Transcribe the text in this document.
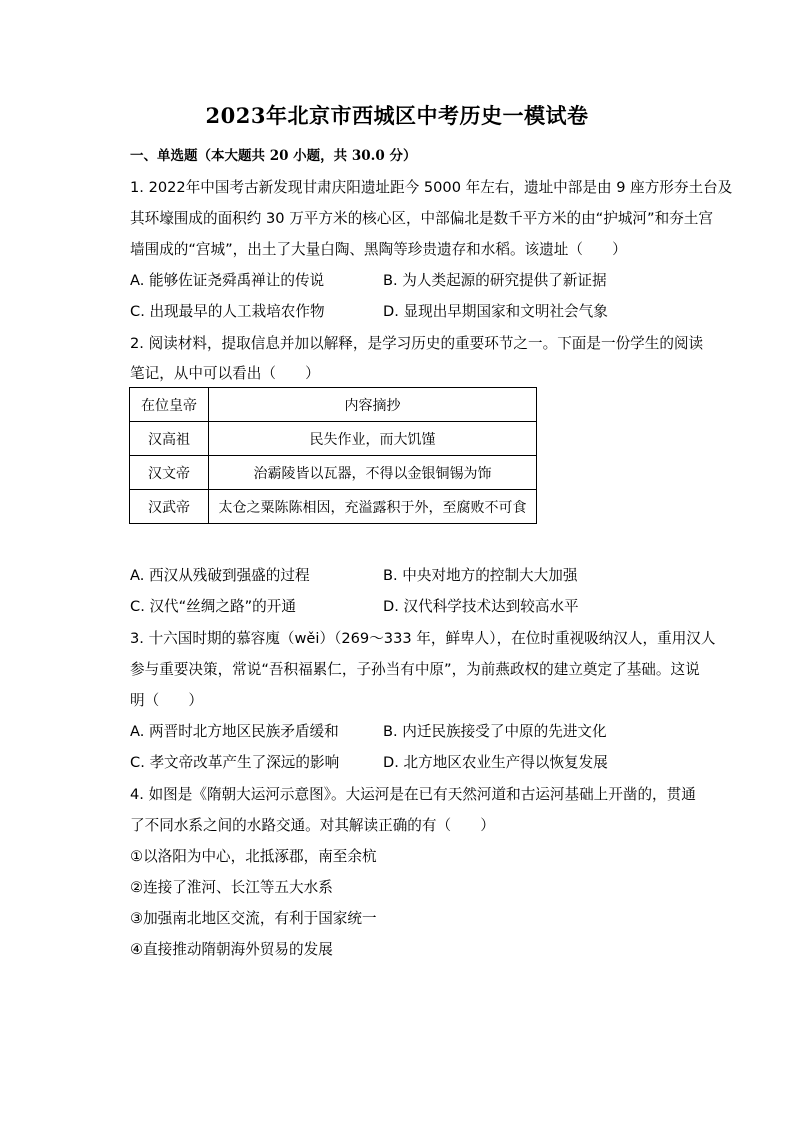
2023年北京市西城区中考历史一模试卷
一、单选题（本大题共 20 小题，共 30.0 分）
1. 2022年中国考古新发现甘肃庆阳遗址距今 5000 年左右，遗址中部是由 9 座方形夯土台及
其环壕围成的面积约 30 万平方米的核心区，中部偏北是数千平方米的由“护城河”和夯土宫
墙围成的“宫城”，出土了大量白陶、黑陶等珍贵遗存和水稻。该遗址（　　）
A. 能够佐证尧舜禹禅让的传说	B. 为人类起源的研究提供了新证据
C. 出现最早的人工栽培农作物	D. 显现出早期国家和文明社会气象
2. 阅读材料，提取信息并加以解释，是学习历史的重要环节之一。下面是一份学生的阅读
笔记，从中可以看出（　　）
在位皇帝	内容摘抄
汉高祖	民失作业，而大饥馑
汉文帝	治霸陵皆以瓦器，不得以金银铜锡为饰
汉武帝	太仓之粟陈陈相因，充溢露积于外，至腐败不可食
A. 西汉从残破到强盛的过程	B. 中央对地方的控制大大加强
C. 汉代“丝绸之路”的开通	D. 汉代科学技术达到较高水平
3. 十六国时期的慕容廆（wěi）（269～333 年，鲜卑人），在位时重视吸纳汉人，重用汉人
参与重要决策，常说“吾积福累仁，子孙当有中原”，为前燕政权的建立奠定了基础。这说
明（　　）
A. 两晋时北方地区民族矛盾缓和	B. 内迁民族接受了中原的先进文化
C. 孝文帝改革产生了深远的影响	D. 北方地区农业生产得以恢复发展
4. 如图是《隋朝大运河示意图》。大运河是在已有天然河道和古运河基础上开凿的，贯通
了不同水系之间的水路交通。对其解读正确的有（　　）
①以洛阳为中心，北抵涿郡，南至余杭
②连接了淮河、长江等五大水系
③加强南北地区交流，有利于国家统一
④直接推动隋朝海外贸易的发展
